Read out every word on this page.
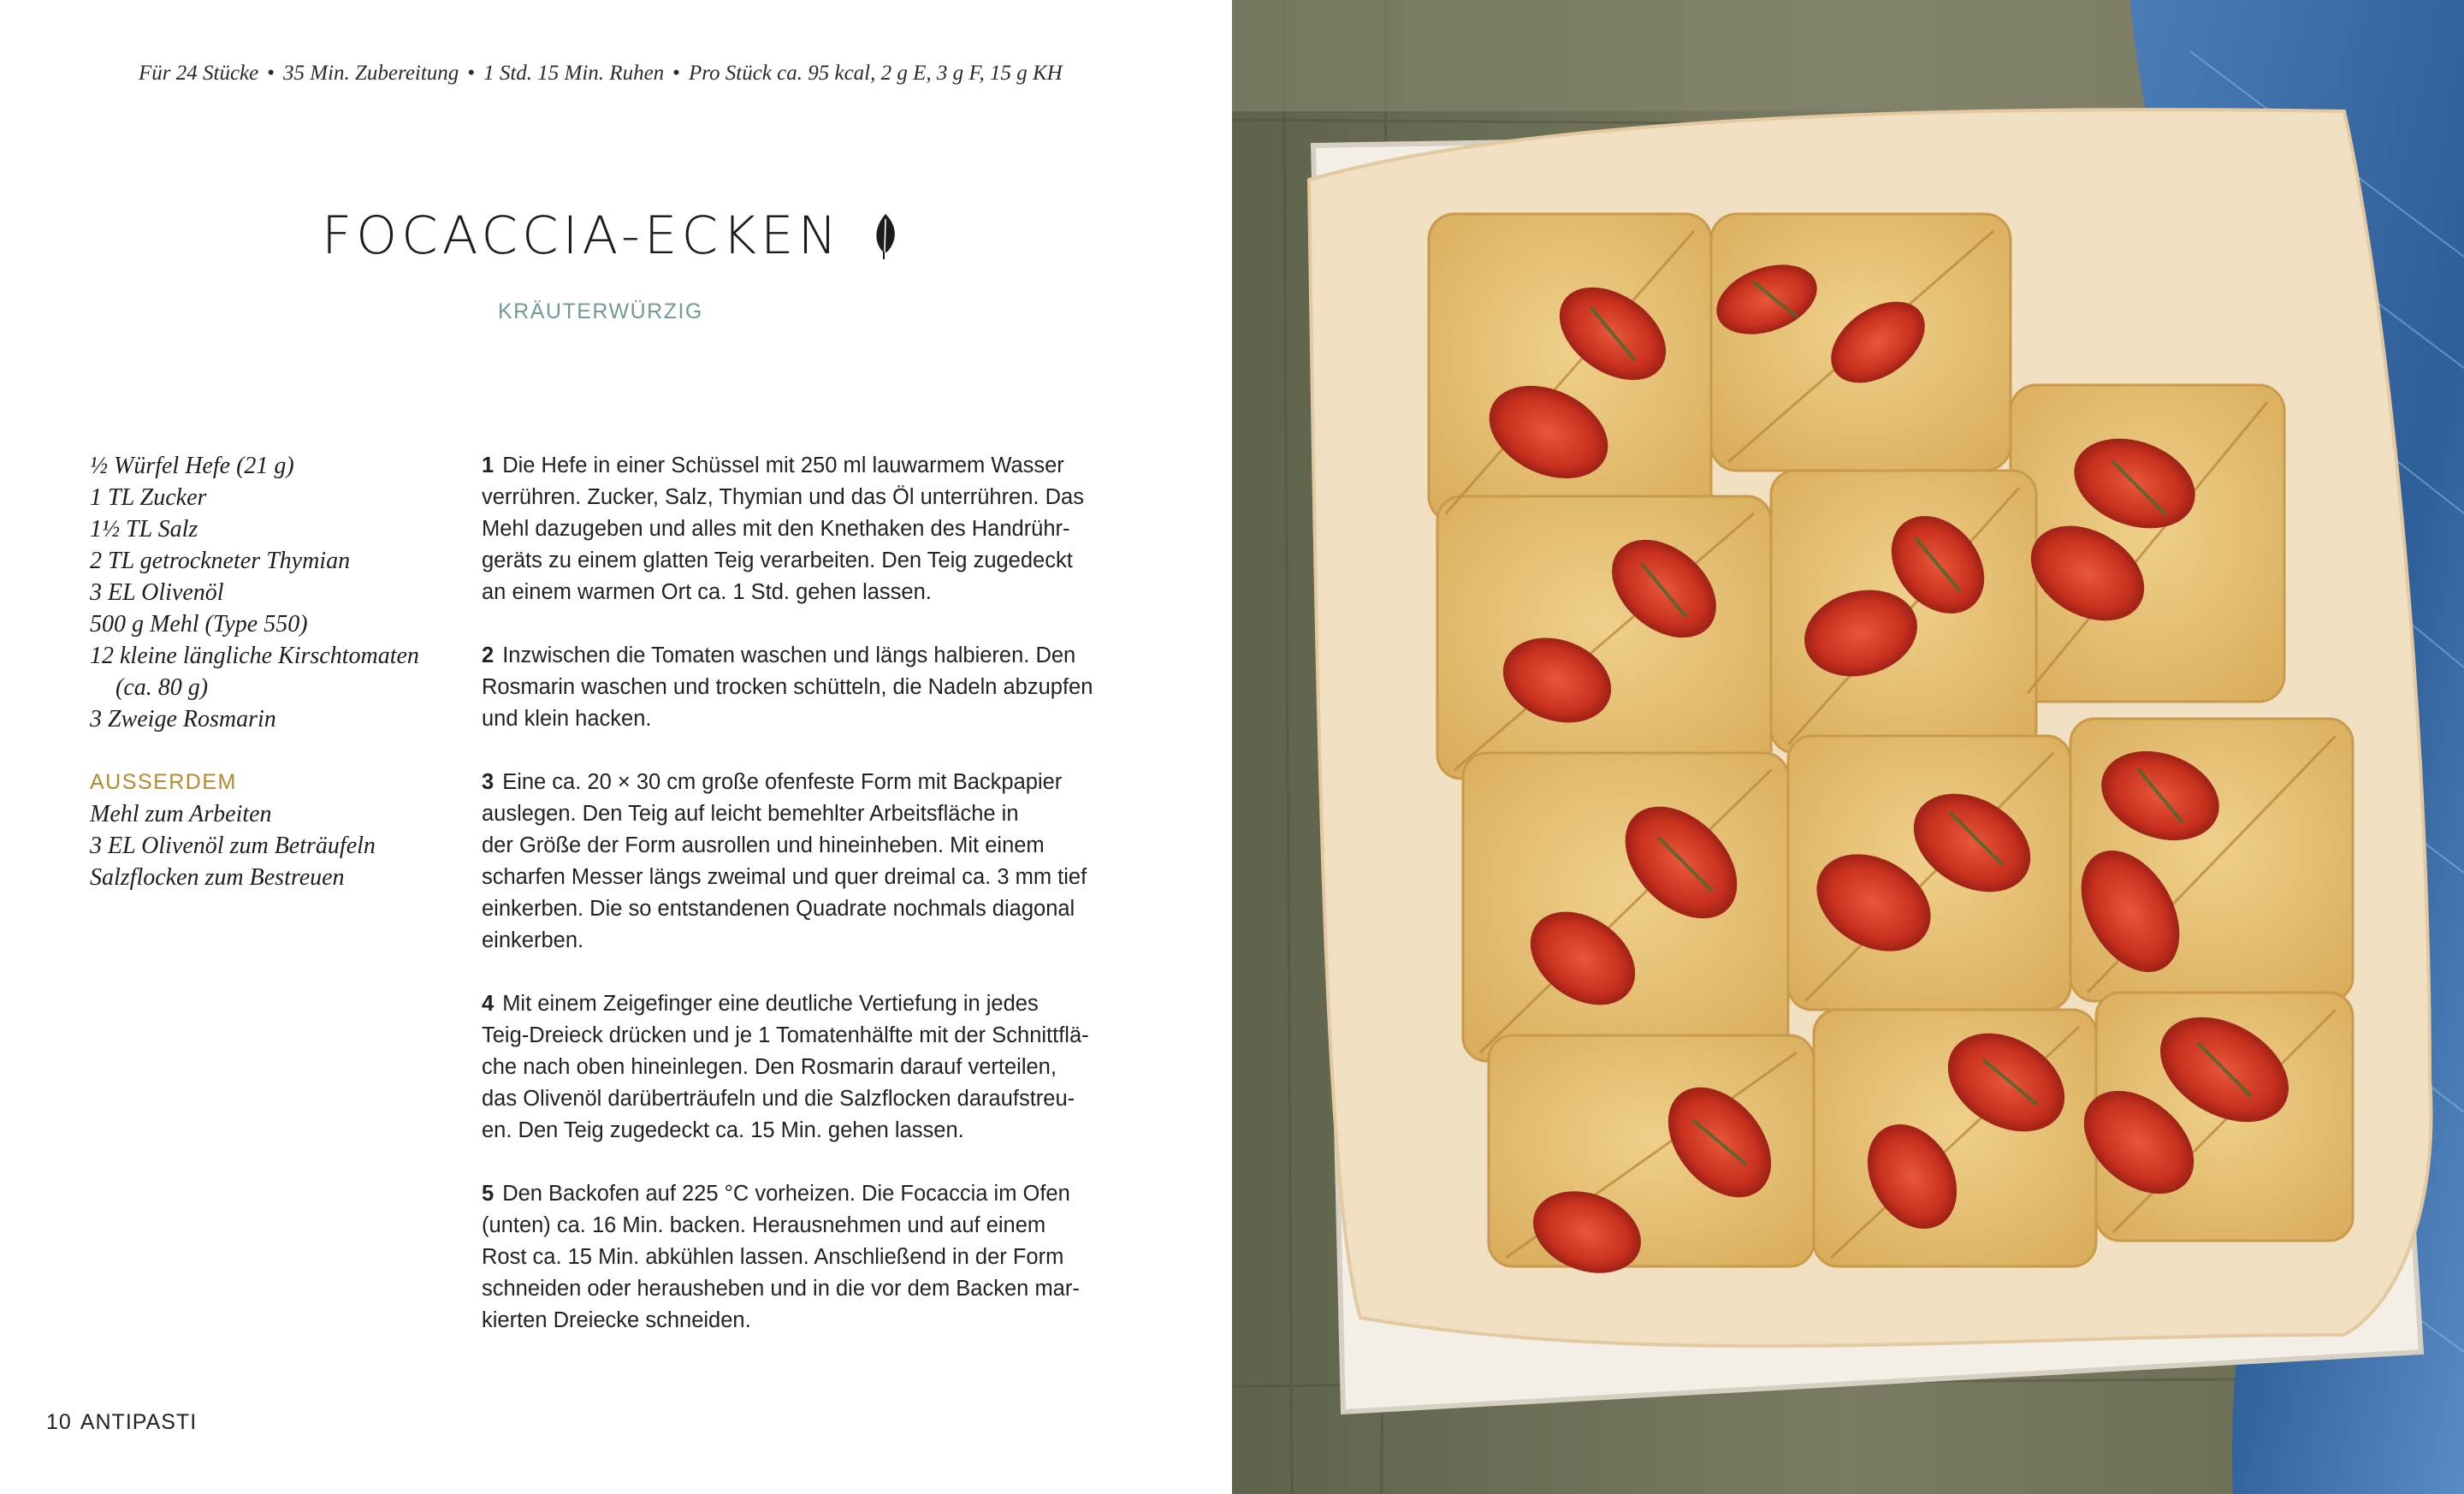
Für 24 Stücke • 35 Min. Zubereitung • 1 Std. 15 Min. Ruhen • Pro Stück ca. 95 kcal, 2 g E, 3 g F, 15 g KH
FOCACCIA-ECKEN
KRÄUTERWÜRZIG
½ Würfel Hefe (21 g)
1 TL Zucker
1½ TL Salz
2 TL getrockneter Thymian
3 EL Olivenöl
500 g Mehl (Type 550)
12 kleine längliche Kirschtomaten
(ca. 80 g)
3 Zweige Rosmarin
AUSSERDEM
Mehl zum Arbeiten
3 EL Olivenöl zum Beträufeln
Salzflocken zum Bestreuen
1 Die Hefe in einer Schüssel mit 250 ml lauwarmem Wasser
verrühren. Zucker, Salz, Thymian und das Öl unterrühren. Das
Mehl dazugeben und alles mit den Knethaken des Handrühr-
geräts zu einem glatten Teig verarbeiten. Den Teig zugedeckt
an einem warmen Ort ca. 1 Std. gehen lassen.
2 Inzwischen die Tomaten waschen und längs halbieren. Den
Rosmarin waschen und trocken schütteln, die Nadeln abzupfen
und klein hacken.
3 Eine ca. 20 × 30 cm große ofenfeste Form mit Backpapier
auslegen. Den Teig auf leicht bemehlter Arbeitsfläche in
der Größe der Form ausrollen und hineinheben. Mit einem
scharfen Messer längs zweimal und quer dreimal ca. 3 mm tief
einkerben. Die so entstandenen Quadrate nochmals diagonal
einkerben.
4 Mit einem Zeigefinger eine deutliche Vertiefung in jedes
Teig-Dreieck drücken und je 1 Tomatenhälfte mit der Schnittflä-
che nach oben hineinlegen. Den Rosmarin darauf verteilen,
das Olivenöl darüberträufeln und die Salzflocken daraufstreu-
en. Den Teig zugedeckt ca. 15 Min. gehen lassen.
5 Den Backofen auf 225 °C vorheizen. Die Focaccia im Ofen
(unten) ca. 16 Min. backen. Herausnehmen und auf einem
Rost ca. 15 Min. abkühlen lassen. Anschließend in der Form
schneiden oder herausheben und in die vor dem Backen mar-
kierten Dreiecke schneiden.
10 ANTIPASTI
